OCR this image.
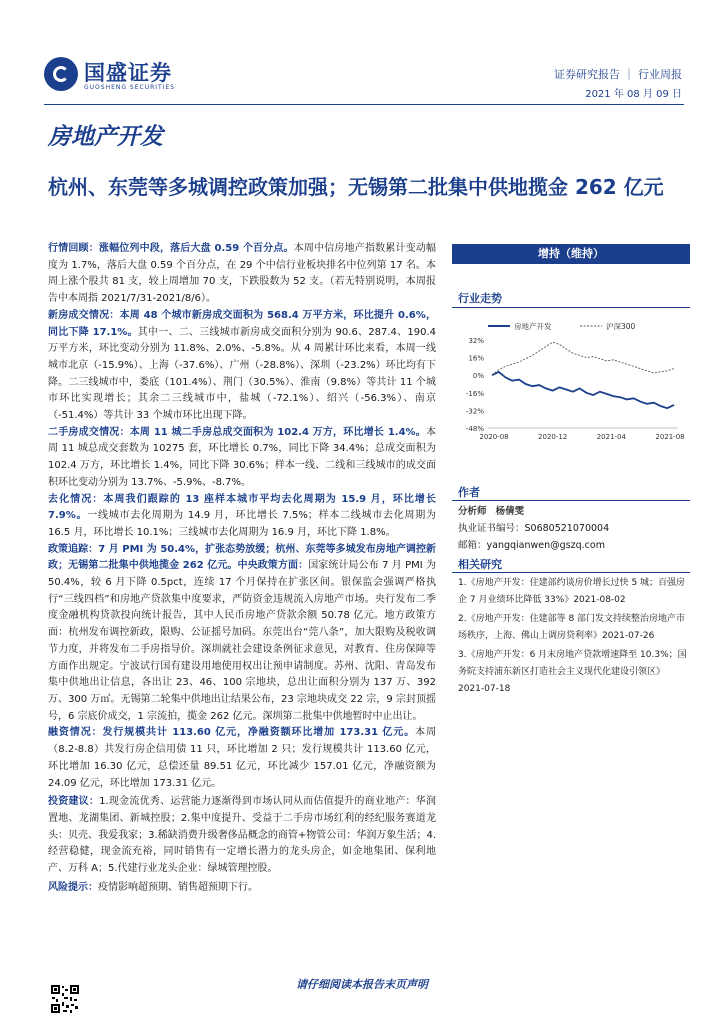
国盛证券
GUOSHENG SECURITIES
证券研究报告 ｜ 行业周报
2021 年 08 月 09 日
房地产开发
杭州、东莞等多城调控政策加强；无锡第二批集中供地揽金 262 亿元

行情回顾：涨幅位列中段，落后大盘 0.59 个百分点。本周中信房地产指数累计变动幅度为 1.7%，落后大盘 0.59 个百分点，在 29 个中信行业板块排名中位列第 17 名。本周上涨个股共 81 支，较上周增加 70 支，下跌股数为 52 支。（若无特别说明，本周报告中本周指 2021/7/31-2021/8/6）。

新房成交情况：本周 48 个城市新房成交面积为 568.4 万平方米，环比提升 0.6%，同比下降 17.1%。其中一、二、三线城市新房成交面积分别为 90.6、287.4、190.4 万平方米，环比变动分别为 11.8%、2.0%、-5.8%。从 4 周累计环比来看，本周一线城市北京（-15.9%）、上海（-37.6%）、广州（-28.8%）、深圳（-23.2%）环比均有下降。二三线城市中，娄底（101.4%）、荆门（30.5%）、淮南（9.8%）等共计 11 个城市环比实现增长；其余二三线城市中，盐城（-72.1%）、绍兴（-56.3%）、南京（-51.4%）等共计 33 个城市环比出现下降。

二手房成交情况：本周 11 城二手房总成交面积为 102.4 万方，环比增长 1.4%。本周 11 城总成交套数为 10275 套，环比增长 0.7%，同比下降 34.4%；总成交面积为 102.4 万方，环比增长 1.4%，同比下降 30.6%；样本一线、二线和三线城市的成交面积环比变动分别为 13.7%、-5.9%、-8.7%。

去化情况：本周我们跟踪的 13 座样本城市平均去化周期为 15.9 月，环比增长 7.9%。一线城市去化周期为 14.9 月，环比增长 7.5%；样本二线城市去化周期为 16.5 月，环比增长 10.1%；三线城市去化周期为 16.9 月，环比下降 1.8%。

政策追踪：7 月 PMI 为 50.4%，扩张态势放缓；杭州、东莞等多城发布房地产调控新政；无锡第二批集中供地揽金 262 亿元。中央政策方面：国家统计局公布 7 月 PMI 为 50.4%，较 6 月下降 0.5pct，连续 17 个月保持在扩张区间。银保监会强调严格执行“三线四档”和房地产贷款集中度要求，严防资金违规流入房地产市场。央行发布二季度金融机构贷款投向统计报告，其中人民币房地产贷款余额 50.78 亿元。地方政策方面：杭州发布调控新政，限购、公证摇号加码。东莞出台“莞八条”，加大限购及税收调节力度，并将发布二手房指导价。深圳就社会建设条例征求意见，对教育、住房保障等方面作出规定。宁波试行国有建设用地使用权出让预申请制度。苏州、沈阳、青岛发布集中供地出让信息，各出让 23、46、100 宗地块，总出让面积分别为 137 万、392 万、300 万㎡。无锡第二轮集中供地出让结果公布，23 宗地块成交 22 宗，9 宗封顶摇号，6 宗底价成交，1 宗流拍，揽金 262 亿元。深圳第二批集中供地暂时中止出让。

融资情况：发行规模共计 113.60 亿元，净融资额环比增加 173.31 亿元。本周（8.2-8.8）共发行房企信用债 11 只，环比增加 2 只；发行规模共计 113.60 亿元，环比增加 16.30 亿元，总偿还量 89.51 亿元，环比减少 157.01 亿元，净融资额为 24.09 亿元，环比增加 173.31 亿元。

投资建议：1.现金流优秀、运营能力逐渐得到市场认同从而估值提升的商业地产：华润置地、龙湖集团、新城控股；2.集中度提升、受益于二手房市场红利的经纪服务赛道龙头：贝壳、我爱我家；3.稀缺消费升级奢侈品概念的商管+物管公司：华润万象生活；4.经营稳健，现金流充裕，同时销售有一定增长潜力的龙头房企，如金地集团、保利地产、万科 A；5.代建行业龙头企业：绿城管理控股。

风险提示：疫情影响超预期、销售超预期下行。

增持（维持）
行业走势
32%
16%
0%
-16%
-32%
-48%
2020-08	2020-12	2021-04	2021-08
房地产开发	沪深300
作者
分析师 杨倩雯
执业证书编号：S0680521070004
邮箱：yangqianwen@gszq.com
相关研究
1.《房地产开发：住建部约谈房价增长过快 5 城；百强房企 7 月业绩环比降低 33%》2021-08-02
2.《房地产开发：住建部等 8 部门发文持续整治房地产市场秩序，上海、佛山上调房贷利率》2021-07-26
3.《房地产开发：6 月末房地产贷款增速降至 10.3%；国务院支持浦东新区打造社会主义现代化建设引领区》2021-07-18
请仔细阅读本报告末页声明
